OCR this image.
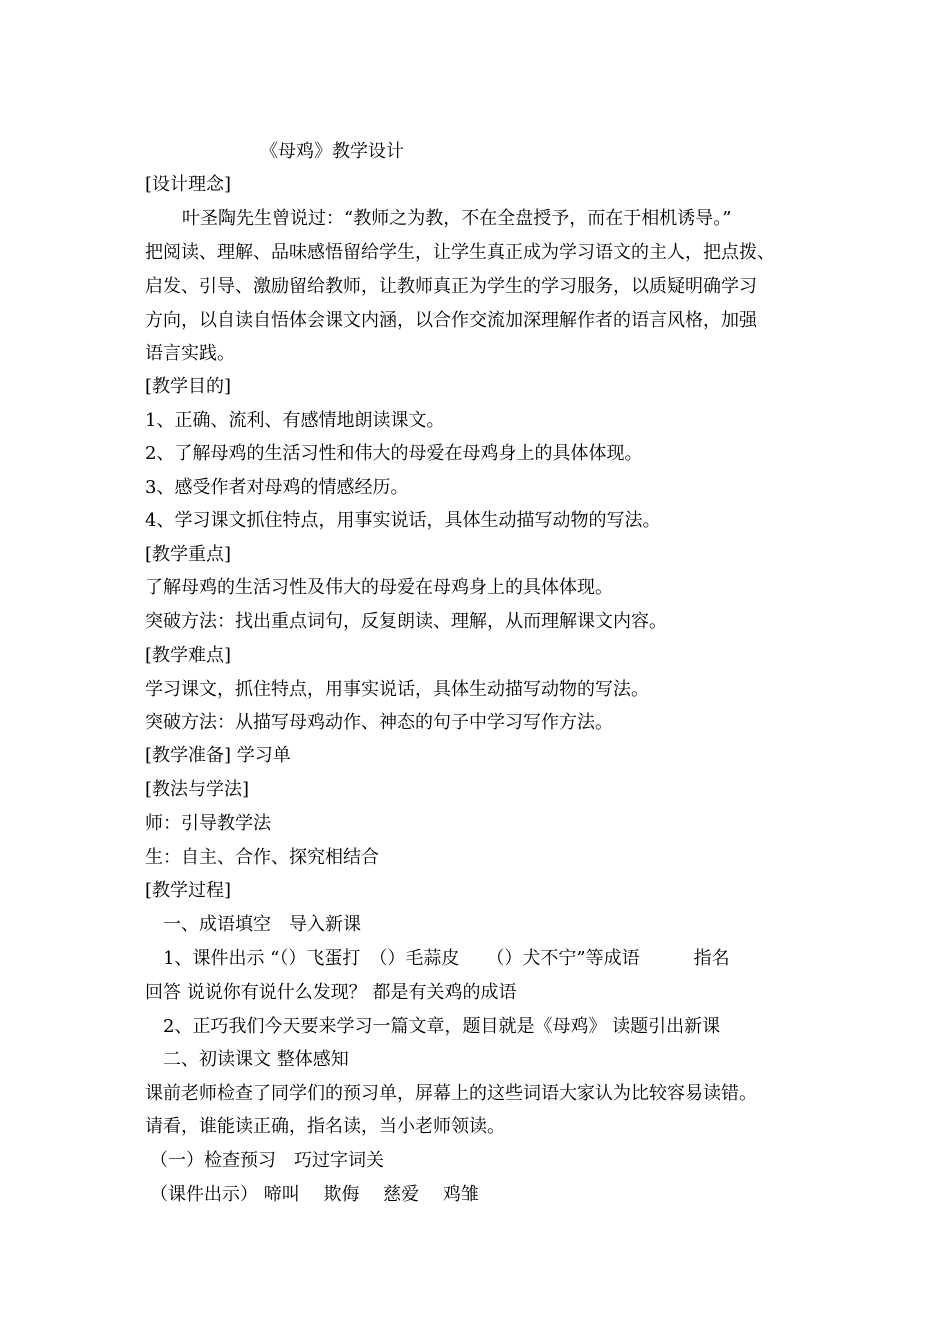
《母鸡》教学设计
[设计理念]
叶圣陶先生曾说过：“教师之为教，不在全盘授予，而在于相机诱导。”
把阅读、理解、品味感悟留给学生，让学生真正成为学习语文的主人，把点拨、
启发、引导、激励留给教师，让教师真正为学生的学习服务，以质疑明确学习
方向，以自读自悟体会课文内涵，以合作交流加深理解作者的语言风格，加强
语言实践。
[教学目的]
1、正确、流利、有感情地朗读课文。
2、了解母鸡的生活习性和伟大的母爱在母鸡身上的具体体现。
3、感受作者对母鸡的情感经历。
4、学习课文抓住特点，用事实说话，具体生动描写动物的写法。
[教学重点]
了解母鸡的生活习性及伟大的母爱在母鸡身上的具体体现。
突破方法：找出重点词句，反复朗读、理解，从而理解课文内容。
[教学难点]
学习课文，抓住特点，用事实说话，具体生动描写动物的写法。
突破方法：从描写母鸡动作、神态的句子中学习写作方法。
[教学准备] 学习单
[教法与学法]
师：引导教学法
生：自主、合作、探究相结合
[教学过程]
一、成语填空　导入新课
1、课件出示 “（）飞蛋打　（）毛蒜皮　　（）犬不宁”等成语　　　指名
回答 说说你有说什么发现？ 都是有关鸡的成语
2、正巧我们今天要来学习一篇文章，题目就是《母鸡》 读题引出新课
二、初读课文 整体感知
课前老师检查了同学们的预习单，屏幕上的这些词语大家认为比较容易读错。
请看，谁能读正确，指名读，当小老师领读。
（一）检查预习　巧过字词关
（课件出示） 啼叫　 欺侮　 慈爱　 鸡雏
